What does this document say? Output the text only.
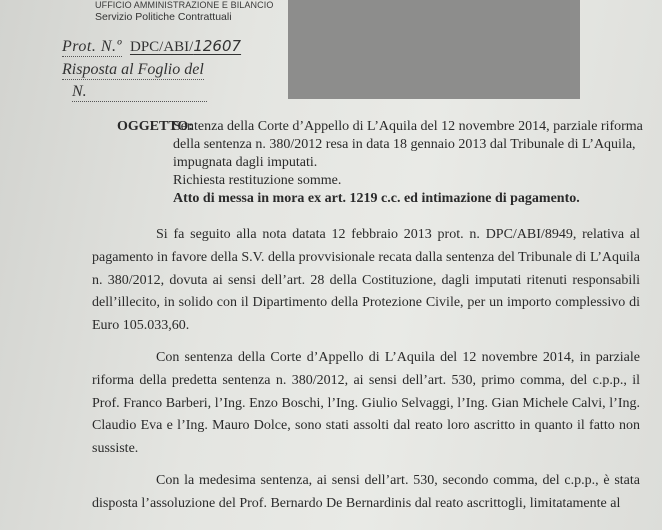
UFFICIO AMMINISTRAZIONE E BILANCIO
Servizio Politiche Contrattuali
Prot. N.º DPC/ABI/12607
Risposta al Foglio del
N.
OGGETTO:
Sentenza della Corte d’Appello di L’Aquila del 12 novembre 2014, parziale riforma
della sentenza n. 380/2012 resa in data 18 gennaio 2013 dal Tribunale di L’Aquila,
impugnata dagli imputati.
Richiesta restituzione somme.
Atto di messa in mora ex art. 1219 c.c. ed intimazione di pagamento.
Si fa seguito alla nota datata 12 febbraio 2013 prot. n. DPC/ABI/8949, relativa al pagamento in favore della S.V. della provvisionale recata dalla sentenza del Tribunale di L’Aquila n. 380/2012, dovuta ai sensi dell’art. 28 della Costituzione, dagli imputati ritenuti responsabili dell’illecito, in solido con il Dipartimento della Protezione Civile, per un importo complessivo di Euro 105.033,60.
Con sentenza della Corte d’Appello di L’Aquila del 12 novembre 2014, in parziale riforma della predetta sentenza n. 380/2012, ai sensi dell’art. 530, primo comma, del c.p.p., il Prof. Franco Barberi, l’Ing. Enzo Boschi, l’Ing. Giulio Selvaggi, l’Ing. Gian Michele Calvi, l’Ing. Claudio Eva e l’Ing. Mauro Dolce, sono stati assolti dal reato loro ascritto in quanto il fatto non sussiste.
Con la medesima sentenza, ai sensi dell’art. 530, secondo comma, del c.p.p., è stata disposta l’assoluzione del Prof. Bernardo De Bernardinis dal reato ascrittogli, limitatamente al
